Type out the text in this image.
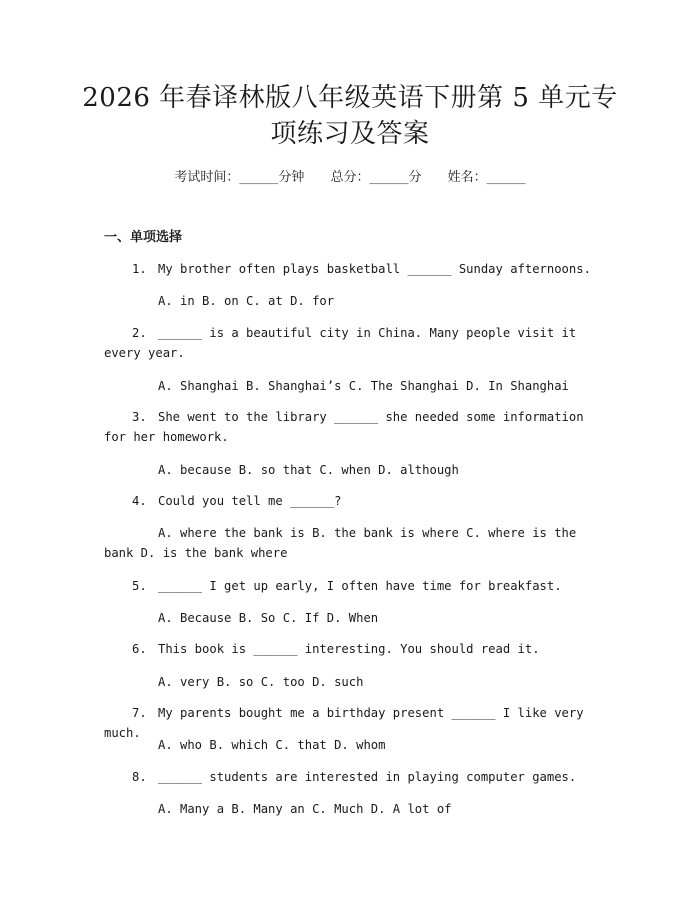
2026 年春译林版八年级英语下册第 5 单元专
项练习及答案
考试时间：______分钟 总分：______分 姓名：______
一、单项选择
1. My brother often plays basketball ______ Sunday afternoons.
A. in B. on C. at D. for
2. ______ is a beautiful city in China. Many people visit it every year.
A. Shanghai B. Shanghai’s C. The Shanghai D. In Shanghai
3. She went to the library ______ she needed some information for her homework.
A. because B. so that C. when D. although
4. Could you tell me ______?
A. where the bank is B. the bank is where C. where is the bank D. is the bank where
5. ______ I get up early, I often have time for breakfast.
A. Because B. So C. If D. When
6. This book is ______ interesting. You should read it.
A. very B. so C. too D. such
7. My parents bought me a birthday present ______ I like very much.
A. who B. which C. that D. whom
8. ______ students are interested in playing computer games.
A. Many a B. Many an C. Much D. A lot of
